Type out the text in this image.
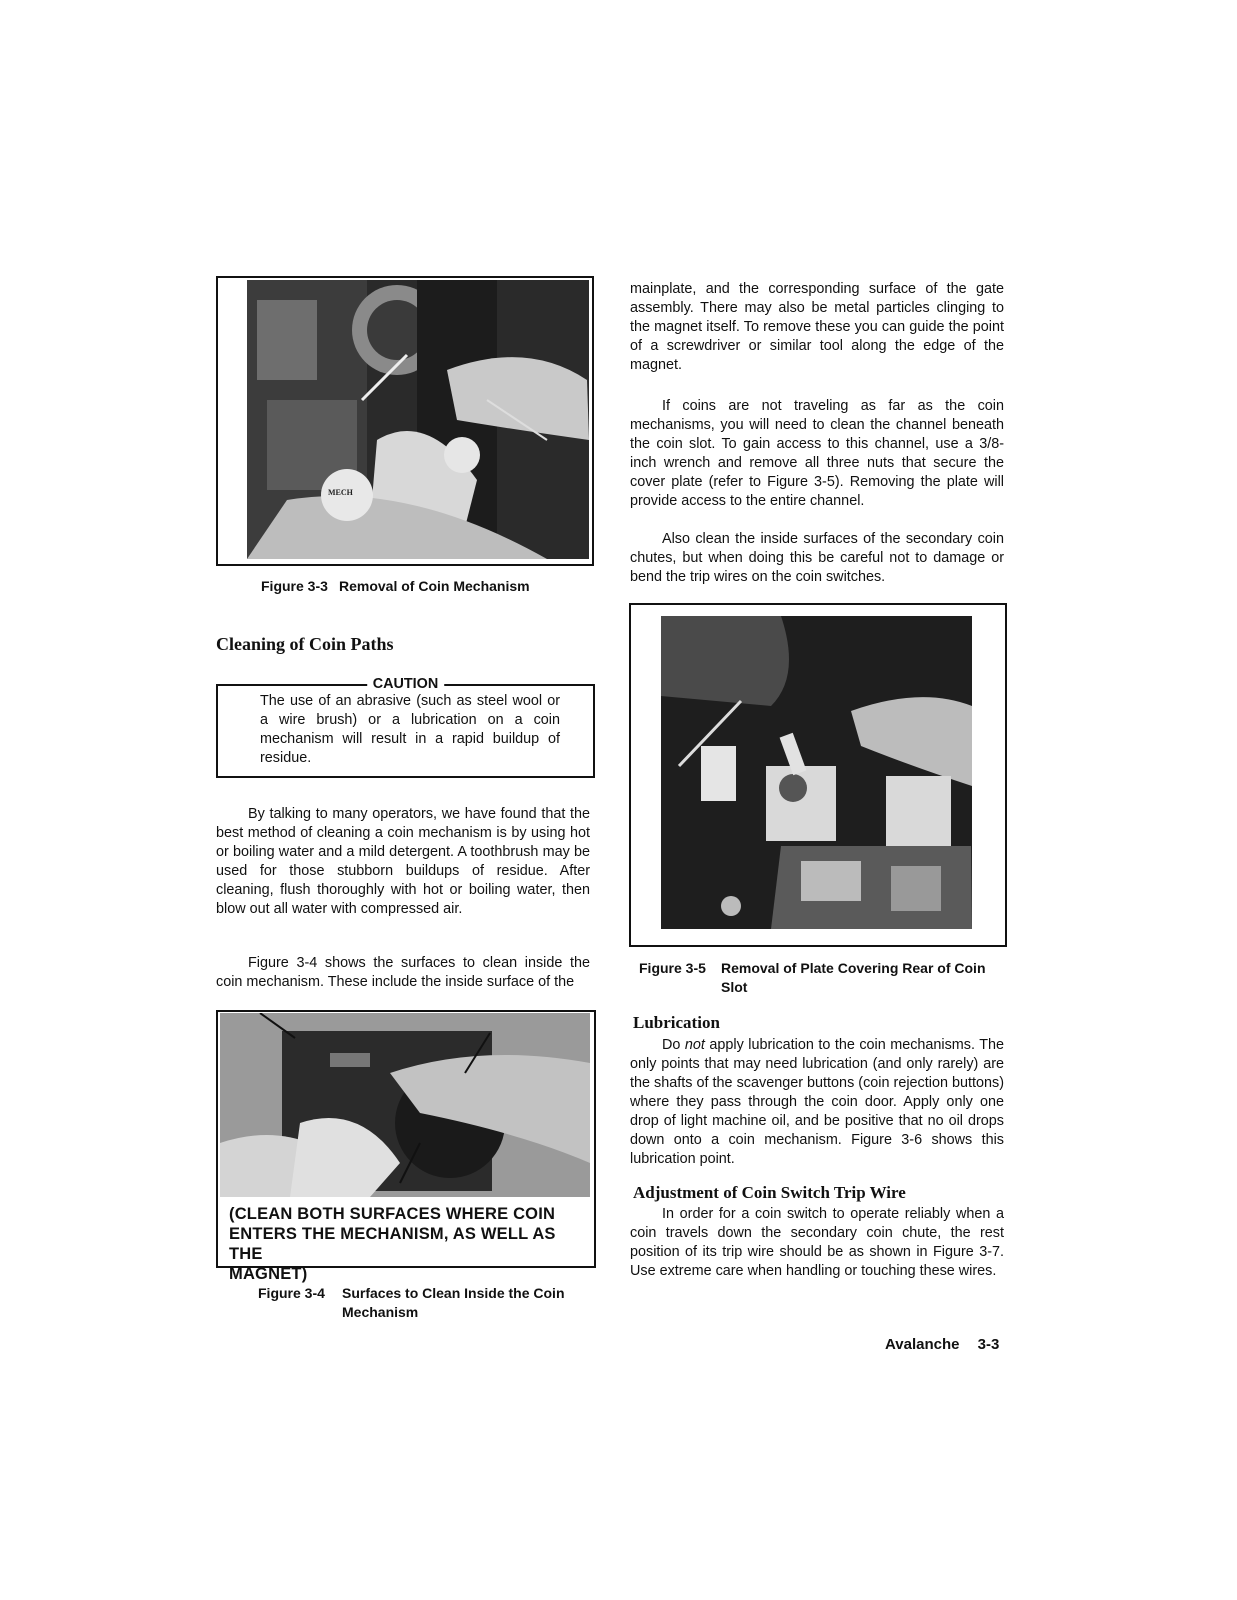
MECH
Figure 3-3 Removal of Coin Mechanism
Cleaning of Coin Paths
CAUTION

The use of an abrasive (such as steel wool or a wire brush) or a lubrication on a coin mechanism will result in a rapid buildup of residue.

By talking to many operators, we have found that the best method of cleaning a coin mechanism is by using hot or boiling water and a mild detergent. A toothbrush may be used for those stubborn buildups of residue. After cleaning, flush thoroughly with hot or boiling water, then blow out all water with compressed air.

Figure 3-4 shows the surfaces to clean inside the coin mechanism. These include the inside surface of the

(CLEAN BOTH SURFACES WHERE COIN
ENTERS THE MECHANISM, AS WELL AS THE
MAGNET)
Figure 3-4 Surfaces to Clean Inside the Coin
Mechanism

mainplate, and the corresponding surface of the gate assembly. There may also be metal particles clinging to the magnet itself. To remove these you can guide the point of a screwdriver or similar tool along the edge of the magnet.

If coins are not traveling as far as the coin mechanisms, you will need to clean the channel beneath the coin slot. To gain access to this channel, use a 3/8-inch wrench and remove all three nuts that secure the cover plate (refer to Figure 3-5). Removing the plate will provide access to the entire channel.

Also clean the inside surfaces of the secondary coin chutes, but when doing this be careful not to damage or bend the trip wires on the coin switches.

Figure 3-5 Removal of Plate Covering Rear of Coin
Slot
Lubrication

Do not apply lubrication to the coin mechanisms. The only points that may need lubrication (and only rarely) are the shafts of the scavenger buttons (coin rejection buttons) where they pass through the coin door. Apply only one drop of light machine oil, and be positive that no oil drops down onto a coin mechanism. Figure 3-6 shows this lubrication point.

Adjustment of Coin Switch Trip Wire

In order for a coin switch to operate reliably when a coin travels down the secondary coin chute, the rest position of its trip wire should be as shown in Figure 3-7. Use extreme care when handling or touching these wires.

Avalanche 3-3
